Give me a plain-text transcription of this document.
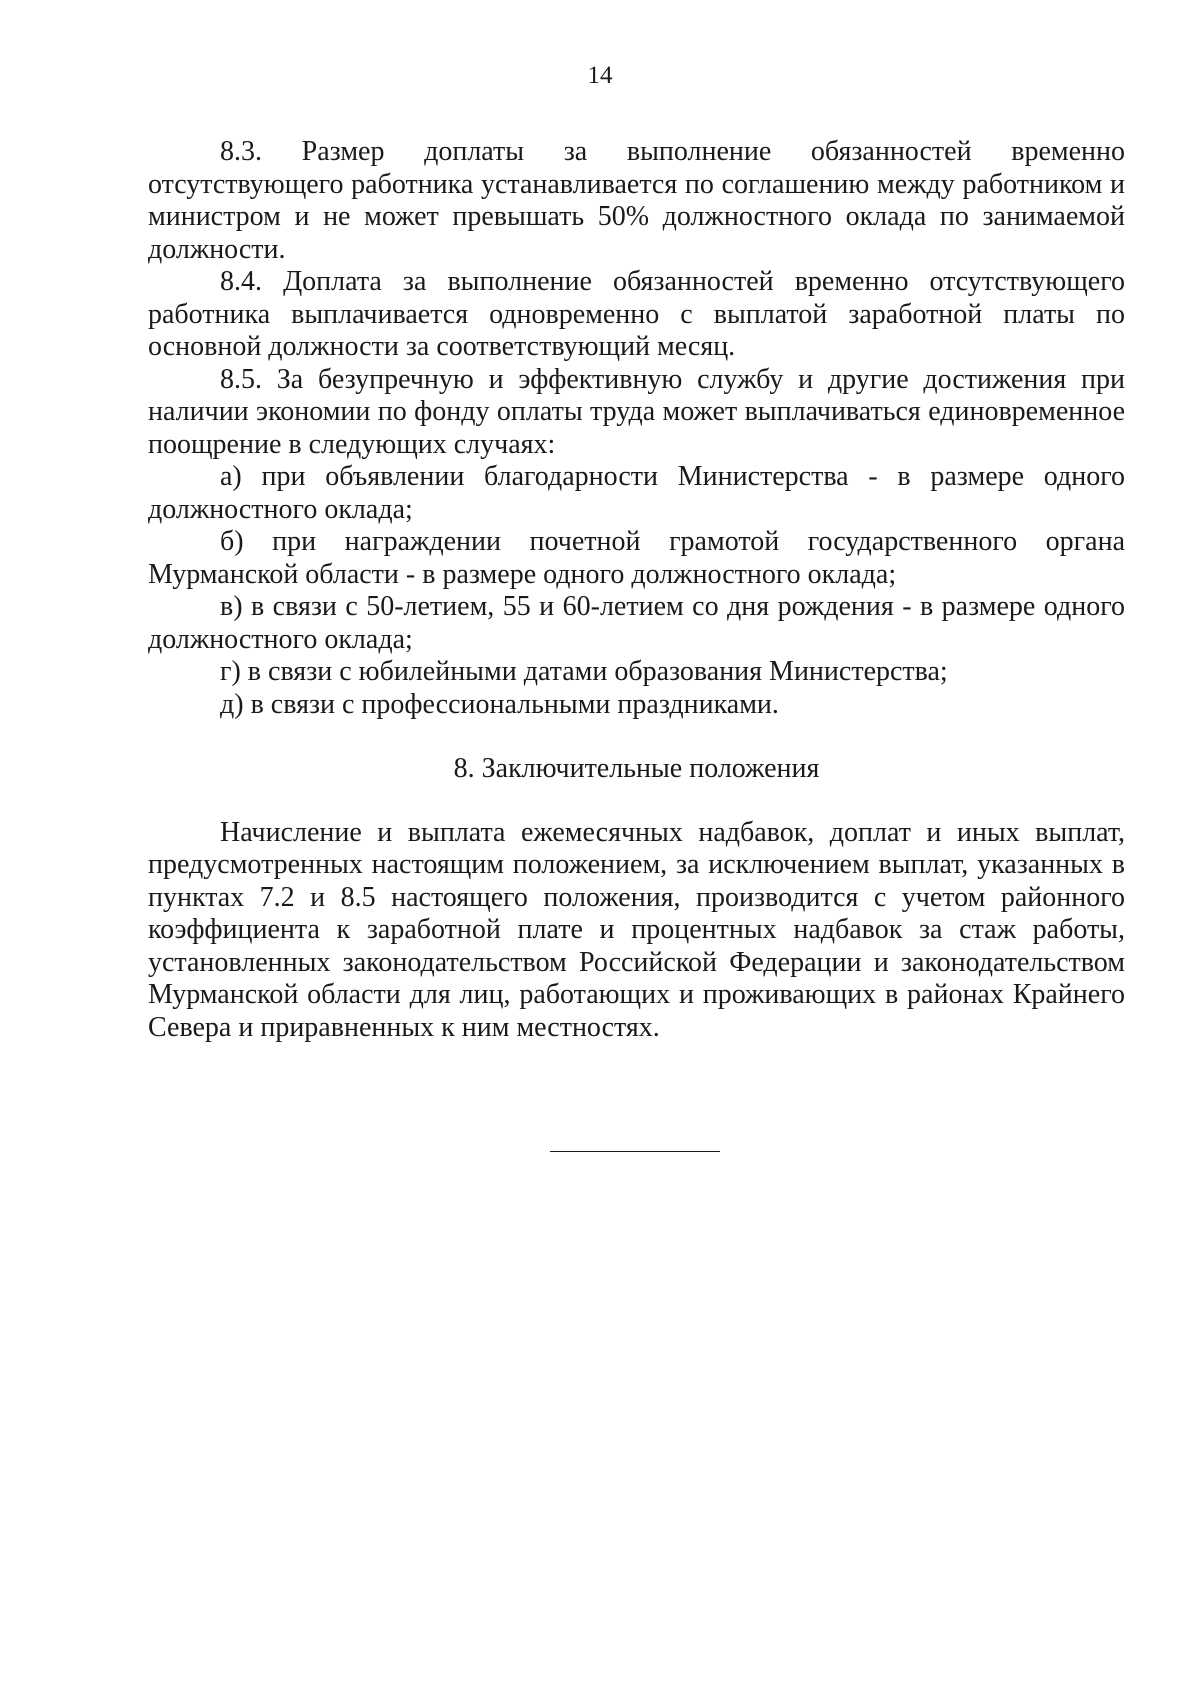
14

8.3. Размер доплаты за выполнение обязанностей временно отсутствующего работника устанавливается по соглашению между работником и министром и не может превышать 50% должностного оклада по занимаемой должности.

8.4. Доплата за выполнение обязанностей временно отсутствующего работника выплачивается одновременно с выплатой заработной платы по основной должности за соответствующий месяц.

8.5. За безупречную и эффективную службу и другие достижения при наличии экономии по фонду оплаты труда может выплачиваться единовременное поощрение в следующих случаях:

а) при объявлении благодарности Министерства - в размере одного должностного оклада;

б) при награждении почетной грамотой государственного органа Мурманской области - в размере одного должностного оклада;

в) в связи с 50-летием, 55 и 60-летием со дня рождения - в размере одного должностного оклада;

г) в связи с юбилейными датами образования Министерства;

д) в связи с профессиональными праздниками.

8. Заключительные положения

Начисление и выплата ежемесячных надбавок, доплат и иных выплат, предусмотренных настоящим положением, за исключением выплат, указанных в пунктах 7.2 и 8.5 настоящего положения, производится с учетом районного коэффициента к заработной плате и процентных надбавок за стаж работы, установленных законодательством Российской Федерации и законодательством Мурманской области для лиц, работающих и проживающих в районах Крайнего Севера и приравненных к ним местностях.
